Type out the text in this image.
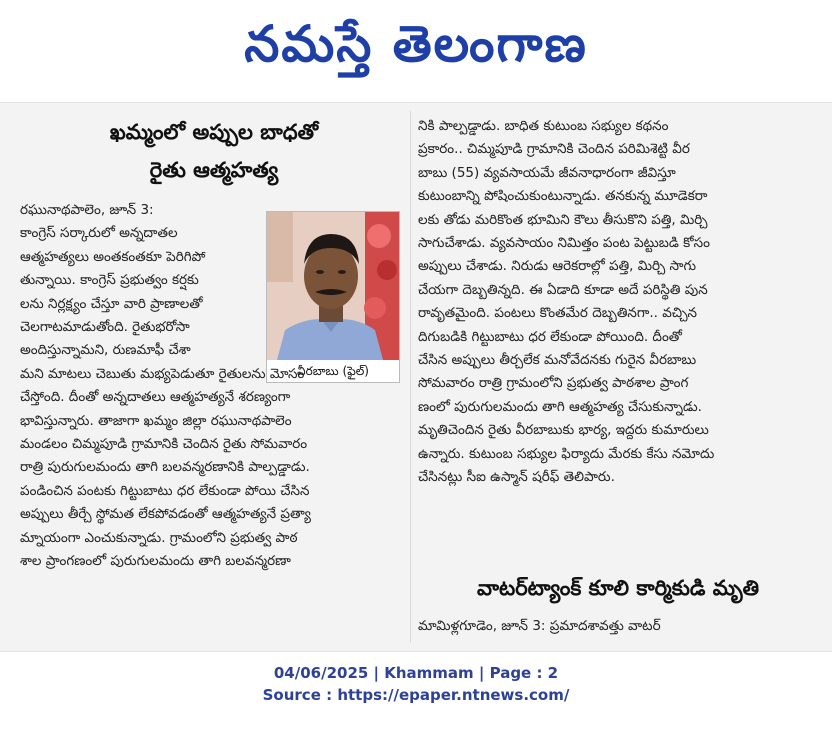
నమస్తే తెలంగాణ
ఖమ్మంలో అప్పుల బాధతో
రైతు ఆత్మహత్య
వీరబాబు (ఫైల్)
రఘునాథపాలెం, జూన్ 3:
కాంగ్రెస్ సర్కారులో అన్నదాతల
ఆత్మహత్యలు అంతకంతకూ పెరిగిపో
తున్నాయి. కాంగ్రెస్ ప్రభుత్వం కర్షకు
లను నిర్లక్ష్యం చేస్తూ వారి ప్రాణాలతో
చెలగాటమాడుతోంది. రైతుభరోసా
అందిస్తున్నామని, రుణమాఫీ చేశా
మని మాటలు చెబుతు మభ్యపెడుతూ రైతులను మోసం
చేస్తోంది. దీంతో అన్నదాతలు ఆత్మహత్యనే శరణ్యంగా
భావిస్తున్నారు. తాజాగా ఖమ్మం జిల్లా రఘునాథపాలెం
మండలం చిమ్మపూడి గ్రామానికి చెందిన రైతు సోమవారం
రాత్రి పురుగులమందు తాగి బలవన్మరణానికి పాల్పడ్డాడు.
పండించిన పంటకు గిట్టుబాటు ధర లేకుండా పోయి చేసిన
అప్పులు తీర్చే స్థోమత లేకపోవడంతో ఆత్మహత్యనే ప్రత్యా
మ్నాయంగా ఎంచుకున్నాడు. గ్రామంలోని ప్రభుత్వ పాఠ
శాల ప్రాంగణంలో పురుగులమందు తాగి బలవన్మరణా
నికి పాల్పడ్డాడు. బాధిత కుటుంబ సభ్యుల కథనం
ప్రకారం.. చిమ్మపూడి గ్రామానికి చెందిన పరిమిశెట్టి వీర
బాబు (55) వ్యవసాయమే జీవనాధారంగా జీవిస్తూ
కుటుంబాన్ని పోషించుకుంటున్నాడు. తనకున్న మూడెకరా
లకు తోడు మరికొంత భూమిని కౌలు తీసుకొని పత్తి, మిర్చి
సాగుచేశాడు. వ్యవసాయం నిమిత్తం పంట పెట్టుబడి కోసం
అప్పులు చేశాడు. నిరుడు ఆరెకరాల్లో పత్తి, మిర్చి సాగు
చేయగా దెబ్బతిన్నది. ఈ ఏడాది కూడా అదే పరిస్థితి పున
రావృతమైంది. పంటలు కొంతమేర దెబ్బతినగా.. వచ్చిన
దిగుబడికి గిట్టుబాటు ధర లేకుండా పోయింది. దీంతో
చేసిన అప్పులు తీర్చలేక మనోవేదనకు గురైన వీరబాబు
సోమవారం రాత్రి గ్రామంలోని ప్రభుత్వ పాఠశాల ప్రాంగ
ణంలో పురుగులమందు తాగి ఆత్మహత్య చేసుకున్నాడు.
మృతిచెందిన రైతు వీరబాబుకు భార్య, ఇద్దరు కుమారులు
ఉన్నారు. కుటుంబ సభ్యుల ఫిర్యాదు మేరకు కేసు నమోదు
చేసినట్లు సీఐ ఉస్మాన్ షరీఫ్ తెలిపారు.
వాటర్‌ట్యాంక్ కూలి కార్మికుడి మృతి
మామిళ్లగూడెం, జూన్ 3: ప్రమాదశావత్తు వాటర్
04/06/2025 | Khammam | Page : 2
Source : https://epaper.ntnews.com/
